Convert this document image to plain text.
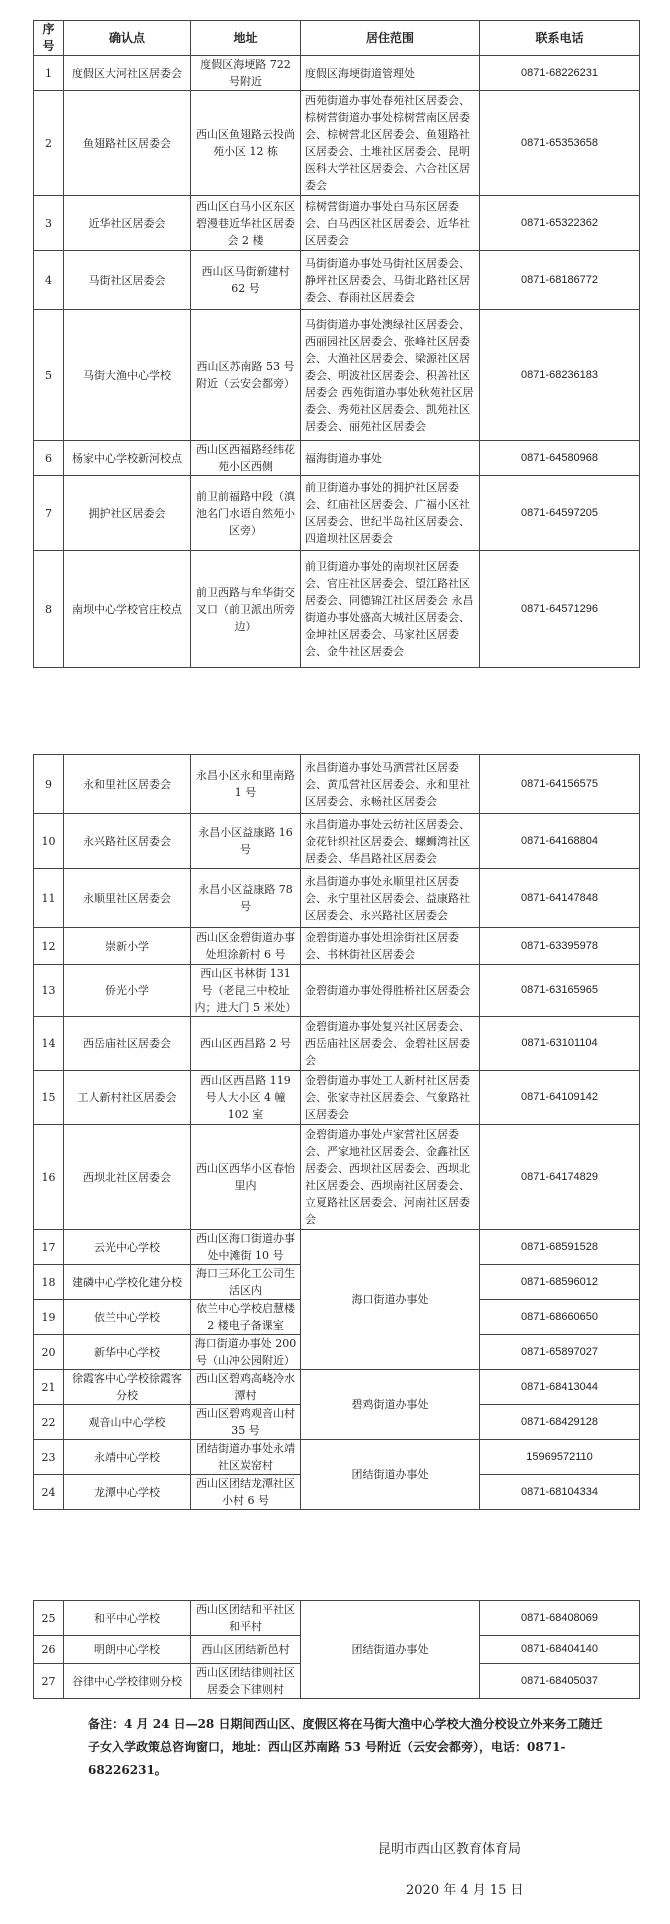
序号	确认点	地址	居住范围	联系电话
1	度假区大河社区居委会	度假区海埂路 722 号附近	度假区海埂街道管理处	0871-68226231
2	鱼翅路社区居委会	西山区鱼翅路云投尚苑小区 12 栋	西苑街道办事处春苑社区居委会、棕树营街道办事处棕树营南区居委会、棕树营北区居委会、鱼翅路社区居委会、土堆社区居委会、昆明医科大学社区居委会、六合社区居委会	0871-65353658
3	近华社区居委会	西山区白马小区东区碧漫巷近华社区居委会 2 楼	棕树营街道办事处白马东区居委会、白马西区社区居委会、近华社区居委会	0871-65322362
4	马街社区居委会	西山区马街新建村 62 号	马街街道办事处马街社区居委会、静坪社区居委会、马街北路社区居委会、春雨社区居委会	0871-68186772
5	马街大渔中心学校	西山区苏南路 53 号附近（云安会都旁）	马街街道办事处澳绿社区居委会、西丽园社区居委会、张峰社区居委会、大渔社区居委会、梁源社区居委会、明波社区居委会、积善社区居委会 西苑街道办事处秋苑社区居委会、秀苑社区居委会、凯苑社区居委会、丽苑社区居委会	0871-68236183
6	杨家中心学校新河校点	西山区西福路经纬花苑小区西侧	福海街道办事处	0871-64580968
7	拥护社区居委会	前卫前福路中段（滇池名门水语自然苑小区旁）	前卫街道办事处的拥护社区居委会、红庙社区居委会、广福小区社区居委会、世纪半岛社区居委会、四道坝社区居委会	0871-64597205
8	南坝中心学校官庄校点	前卫西路与牟华街交叉口（前卫派出所旁边）	前卫街道办事处的南坝社区居委会、官庄社区居委会、望江路社区居委会、同德锦江社区居委会 永昌街道办事处盛高大城社区居委会、金坤社区居委会、马家社区居委会、金牛社区居委会	0871-64571296
9	永和里社区居委会	永昌小区永和里南路 1 号	永昌街道办事处马洒营社区居委会、黄瓜营社区居委会、永和里社区居委会、永畅社区居委会	0871-64156575
10	永兴路社区居委会	永昌小区益康路 16 号	永昌街道办事处云纺社区居委会、金花针织社区居委会、螺蛳湾社区居委会、华昌路社区居委会	0871-64168804
11	永顺里社区居委会	永昌小区益康路 78 号	永昌街道办事处永顺里社区居委会、永宁里社区居委会、益康路社区居委会、永兴路社区居委会	0871-64147848
12	崇新小学	西山区金碧街道办事处坦涂新村 6 号	金碧街道办事处坦涂街社区居委会、书林街社区居委会	0871-63395978
13	侨光小学	西山区书林街 131 号（老昆三中校址内；进大门 5 米处）	金碧街道办事处得胜桥社区居委会	0871-63165965
14	西岳庙社区居委会	西山区西昌路 2 号	金碧街道办事处复兴社区居委会、西岳庙社区居委会、金碧社区居委会	0871-63101104
15	工人新村社区居委会	西山区西昌路 119 号人大小区 4 幢 102 室	金碧街道办事处工人新村社区居委会、张家寺社区居委会、气象路社区居委会	0871-64109142
16	西坝北社区居委会	西山区西华小区春怡里内	金碧街道办事处卢家营社区居委会、严家地社区居委会、金鑫社区居委会、西坝社区居委会、西坝北社区居委会、西坝南社区居委会、立夏路社区居委会、河南社区居委会	0871-64174829
17	云光中心学校	西山区海口街道办事处中滩街 10 号	海口街道办事处	0871-68591528
18	建磷中心学校化建分校	海口三环化工公司生活区内		0871-68596012
19	依兰中心学校	依兰中心学校启慧楼 2 楼电子备课室		0871-68660650
20	新华中心学校	海口街道办事处 200 号（山冲公园附近）		0871-65897027
21	徐霞客中心学校徐霞客分校	西山区碧鸡高峣冷水潭村	碧鸡街道办事处	0871-68413044
22	观音山中心学校	西山区碧鸡观音山村 35 号		0871-68429128
23	永靖中心学校	团结街道办事处永靖社区炭窑村	团结街道办事处	15969572110
24	龙潭中心学校	西山区团结龙潭社区小村 6 号		0871-68104334
25	和平中心学校	西山区团结和平社区和平村	团结街道办事处	0871-68408069
26	明朗中心学校	西山区团结新邑村		0871-68404140
27	谷律中心学校律则分校	西山区团结律则社区居委会下律则村		0871-68405037
备注：4 月 24 日—28 日期间西山区、度假区将在马街大渔中心学校大渔分校设立外来务工随迁子女入学政策总咨询窗口，地址：西山区苏南路 53 号附近（云安会都旁），电话：0871-68226231。
昆明市西山区教育体育局
2020 年 4 月 15 日
